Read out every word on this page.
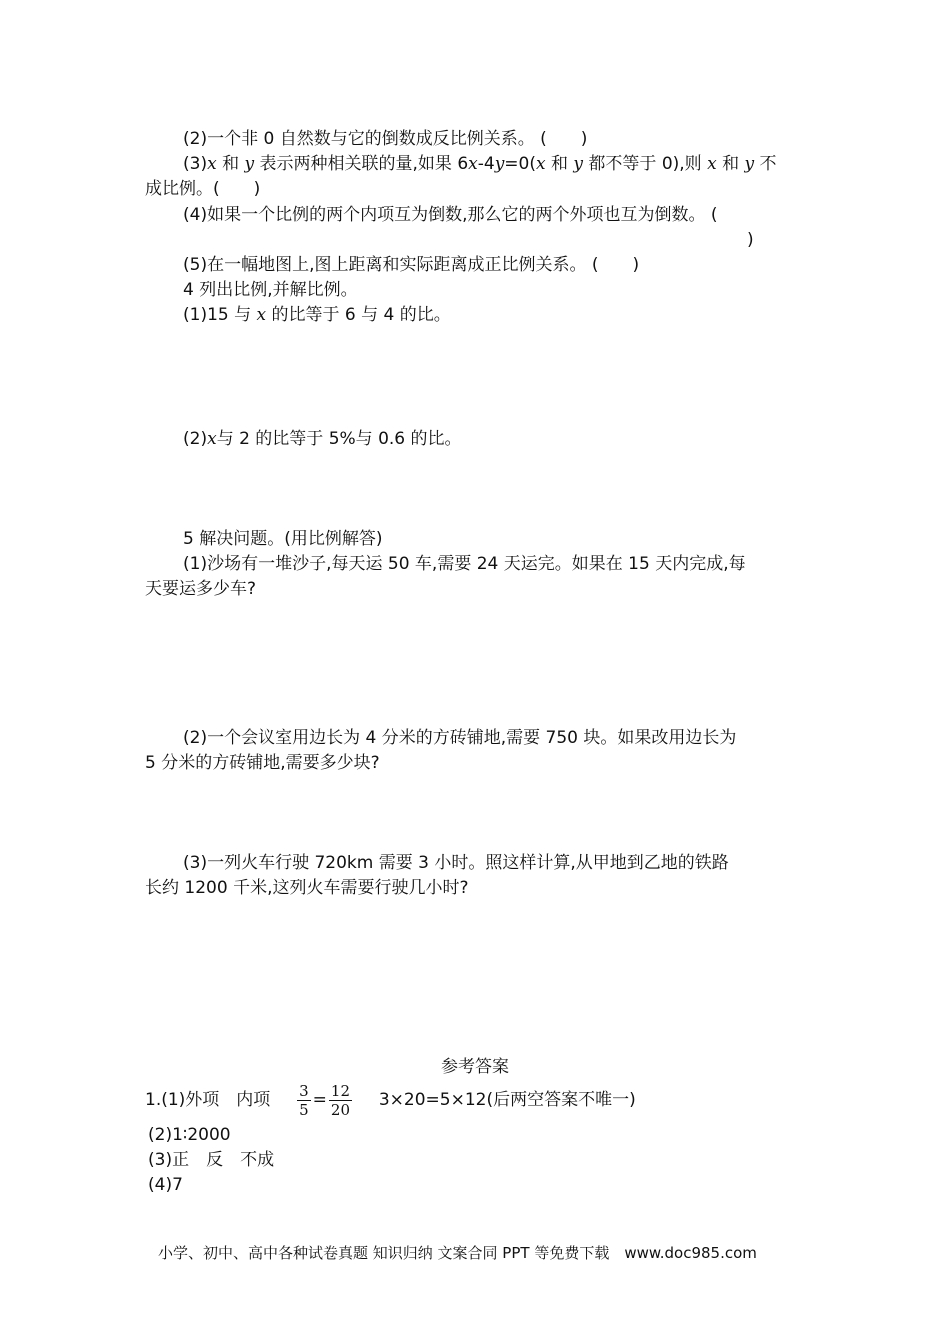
(2)一个非 0 自然数与它的倒数成反比例关系。 (　　)
(3)x 和 y 表示两种相关联的量,如果 6x-4y=0(x 和 y 都不等于 0),则 x 和 y 不
成比例。(　　)
(4)如果一个比例的两个内项互为倒数,那么它的两个外项也互为倒数。 (
)
(5)在一幅地图上,图上距离和实际距离成正比例关系。 (　　)
4 列出比例,并解比例。
(1)15 与 x 的比等于 6 与 4 的比。
(2)x与 2 的比等于 5%与 0.6 的比。
5 解决问题。(用比例解答)
(1)沙场有一堆沙子,每天运 50 车,需要 24 天运完。如果在 15 天内完成,每
天要运多少车?
(2)一个会议室用边长为 4 分米的方砖铺地,需要 750 块。如果改用边长为
5 分米的方砖铺地,需要多少块?
(3)一列火车行驶 720km 需要 3 小时。照这样计算,从甲地到乙地的铁路
长约 1200 千米,这列火车需要行驶几小时?
参考答案
1.(1)外项　内项 $\frac{3}{5} = \frac{12}{20} 3\times 20=5\times 12$(后两空答案不唯一)
(2)1∶2000
(3)正　反　不成
(4)7
小学、初中、高中各种试卷真题 知识归纳 文案合同 PPT 等免费下载　www.doc985.com
